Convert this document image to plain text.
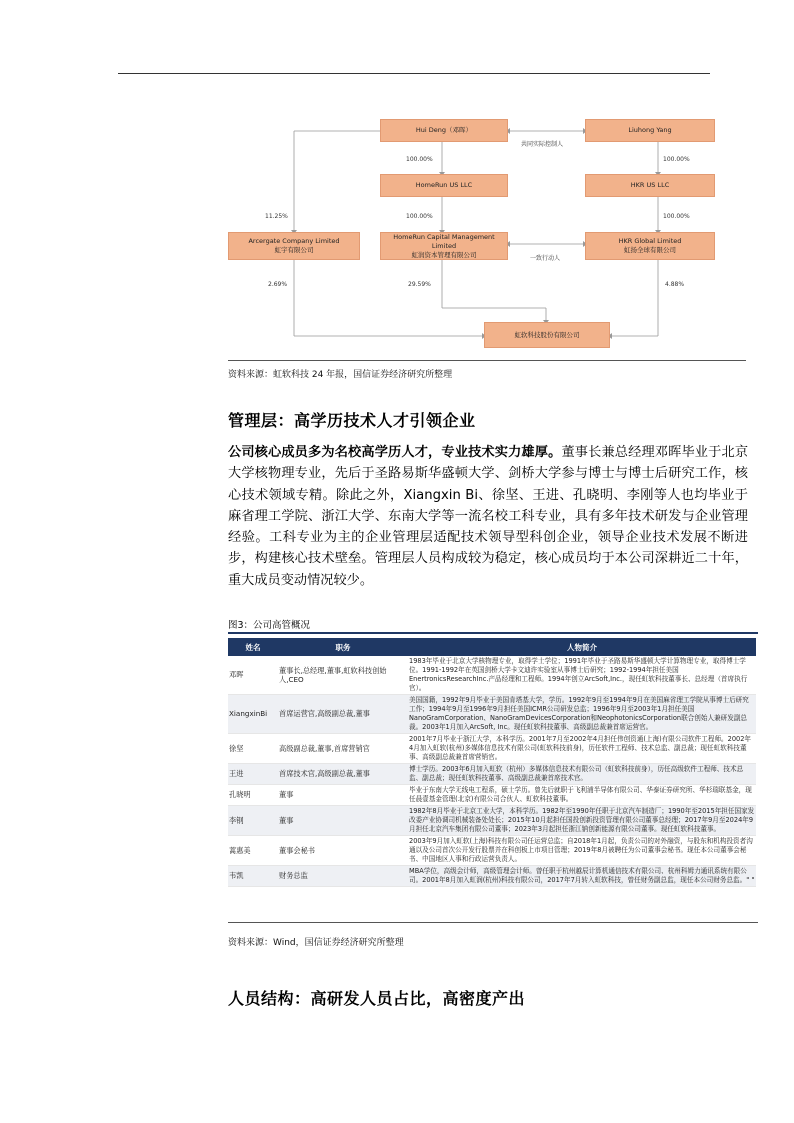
Hui Deng（邓晖）	Liuhong Yang
HomeRun US LLC	HKR US LLC
Arcergate Company Limited
虹宇有限公司
HomeRun Capital Management Limited
虹润资本管理有限公司
HKR Global Limited
虹扬全球有限公司
虹软科技股份有限公司
共同实际控制人
一致行动人
100.00%	100.00%
100.00%	100.00%
11.25%
2.69%	29.59%	4.88%
资料来源：虹软科技 24 年报，国信证券经济研究所整理
管理层：高学历技术人才引领企业
公司核心成员多为名校高学历人才，专业技术实力雄厚。董事长兼总经理邓晖毕业于北京大学核物理专业，先后于圣路易斯华盛顿大学、剑桥大学参与博士与博士后研究工作，核心技术领域专精。除此之外，Xiangxin Bi、徐坚、王进、孔晓明、李刚等人也均毕业于麻省理工学院、浙江大学、东南大学等一流名校工科专业，具有多年技术研发与企业管理经验。工科专业为主的企业管理层适配技术领导型科创企业，领导企业技术发展不断进步，构建核心技术壁垒。管理层人员构成较为稳定，核心成员均于本公司深耕近二十年，重大成员变动情况较少。
图3：公司高管概况
姓名	职务	人物简介
邓晖	董事长,总经理,董事,虹软科技创始人,CEO	1983年毕业于北京大学核物理专业，取得学士学位；1991年毕业于圣路易斯华盛顿大学计算物理专业，取得博士学位。1991-1992年在英国剑桥大学卡文迪许实验室从事博士后研究；1992-1994年担任美国EnertronicsResearchInc.产品经理和工程师。1994年创立ArcSoft,Inc.，现任虹软科技董事长、总经理（首席执行官）。
XiangxinBi	首席运营官,高级副总裁,董事	美国国籍，1992年9月毕业于美国肯塔基大学，学历。1992年9月至1994年9月在美国麻省理工学院从事博士后研究工作；1994年9月至1996年9月担任美国ICMR公司研发总监；1996年9月至2003年1月担任美国NanoGramCorporation、NanoGramDevicesCorporation和NeophotonicsCorporation联合创始人兼研发副总裁。2003年1月加入ArcSoft, Inc。现任虹软科技董事、高级副总裁兼首席运营官。
徐坚	高级副总裁,董事,首席营销官	2001年7月毕业于浙江大学，本科学历。2001年7月至2002年4月担任伟创资通(上海)有限公司软件工程师。2002年4月加入虹软(杭州)多媒体信息技术有限公司(虹软科技前身)，历任软件工程师、技术总监、副总裁；现任虹软科技董事、高级副总裁兼首席营销官。
王进	首席技术官,高级副总裁,董事	博士学历。2003年6月加入虹软（杭州）多媒体信息技术有限公司（虹软科技前身），历任高级软件工程师、技术总监、副总裁；现任虹软科技董事、高级副总裁兼首席技术官。
孔晓明	董事	毕业于东南大学无线电工程系，硕士学历。曾先后就职于飞利浦半导体有限公司、华泰证券研究所、华杉瑞联基金，现任晨壹基金管理(北京)有限公司合伙人、虹软科技董事。
李钢	董事	1982年8月毕业于北京工业大学，本科学历。1982年至1990年任职于北京汽车制造厂；1990年至2015年担任国家发改委产业协调司机械装备处处长；2015年10月起担任国投创新投资管理有限公司董事总经理；2017年9月至2024年9月担任北京汽车集团有限公司董事；2023年3月起担任浙江钠创新能源有限公司董事。现任虹软科技董事。
蒿惠美	董事会秘书	2003年9月加入虹软(上海)科技有限公司任运营总监；自2018年1月起，负责公司的对外融资，与股东和机构投资者沟通以及公司首次公开发行股票并在科创板上市项目管理；2019年8月被聘任为公司董事会秘书。现任本公司董事会秘书、中国地区人事和行政运营负责人。
韦凯	财务总监	MBA学位，高级会计师，高级管理会计师。曾任职于杭州越辰计算机通信技术有限公司、杭州科姆力通讯系统有限公司。2001年8月加入虹润(杭州)科技有限公司，2017年7月转入虹软科技，曾任财务副总监，现任本公司财务总监。" "
资料来源：Wind，国信证券经济研究所整理
人员结构：高研发人员占比，高密度产出
